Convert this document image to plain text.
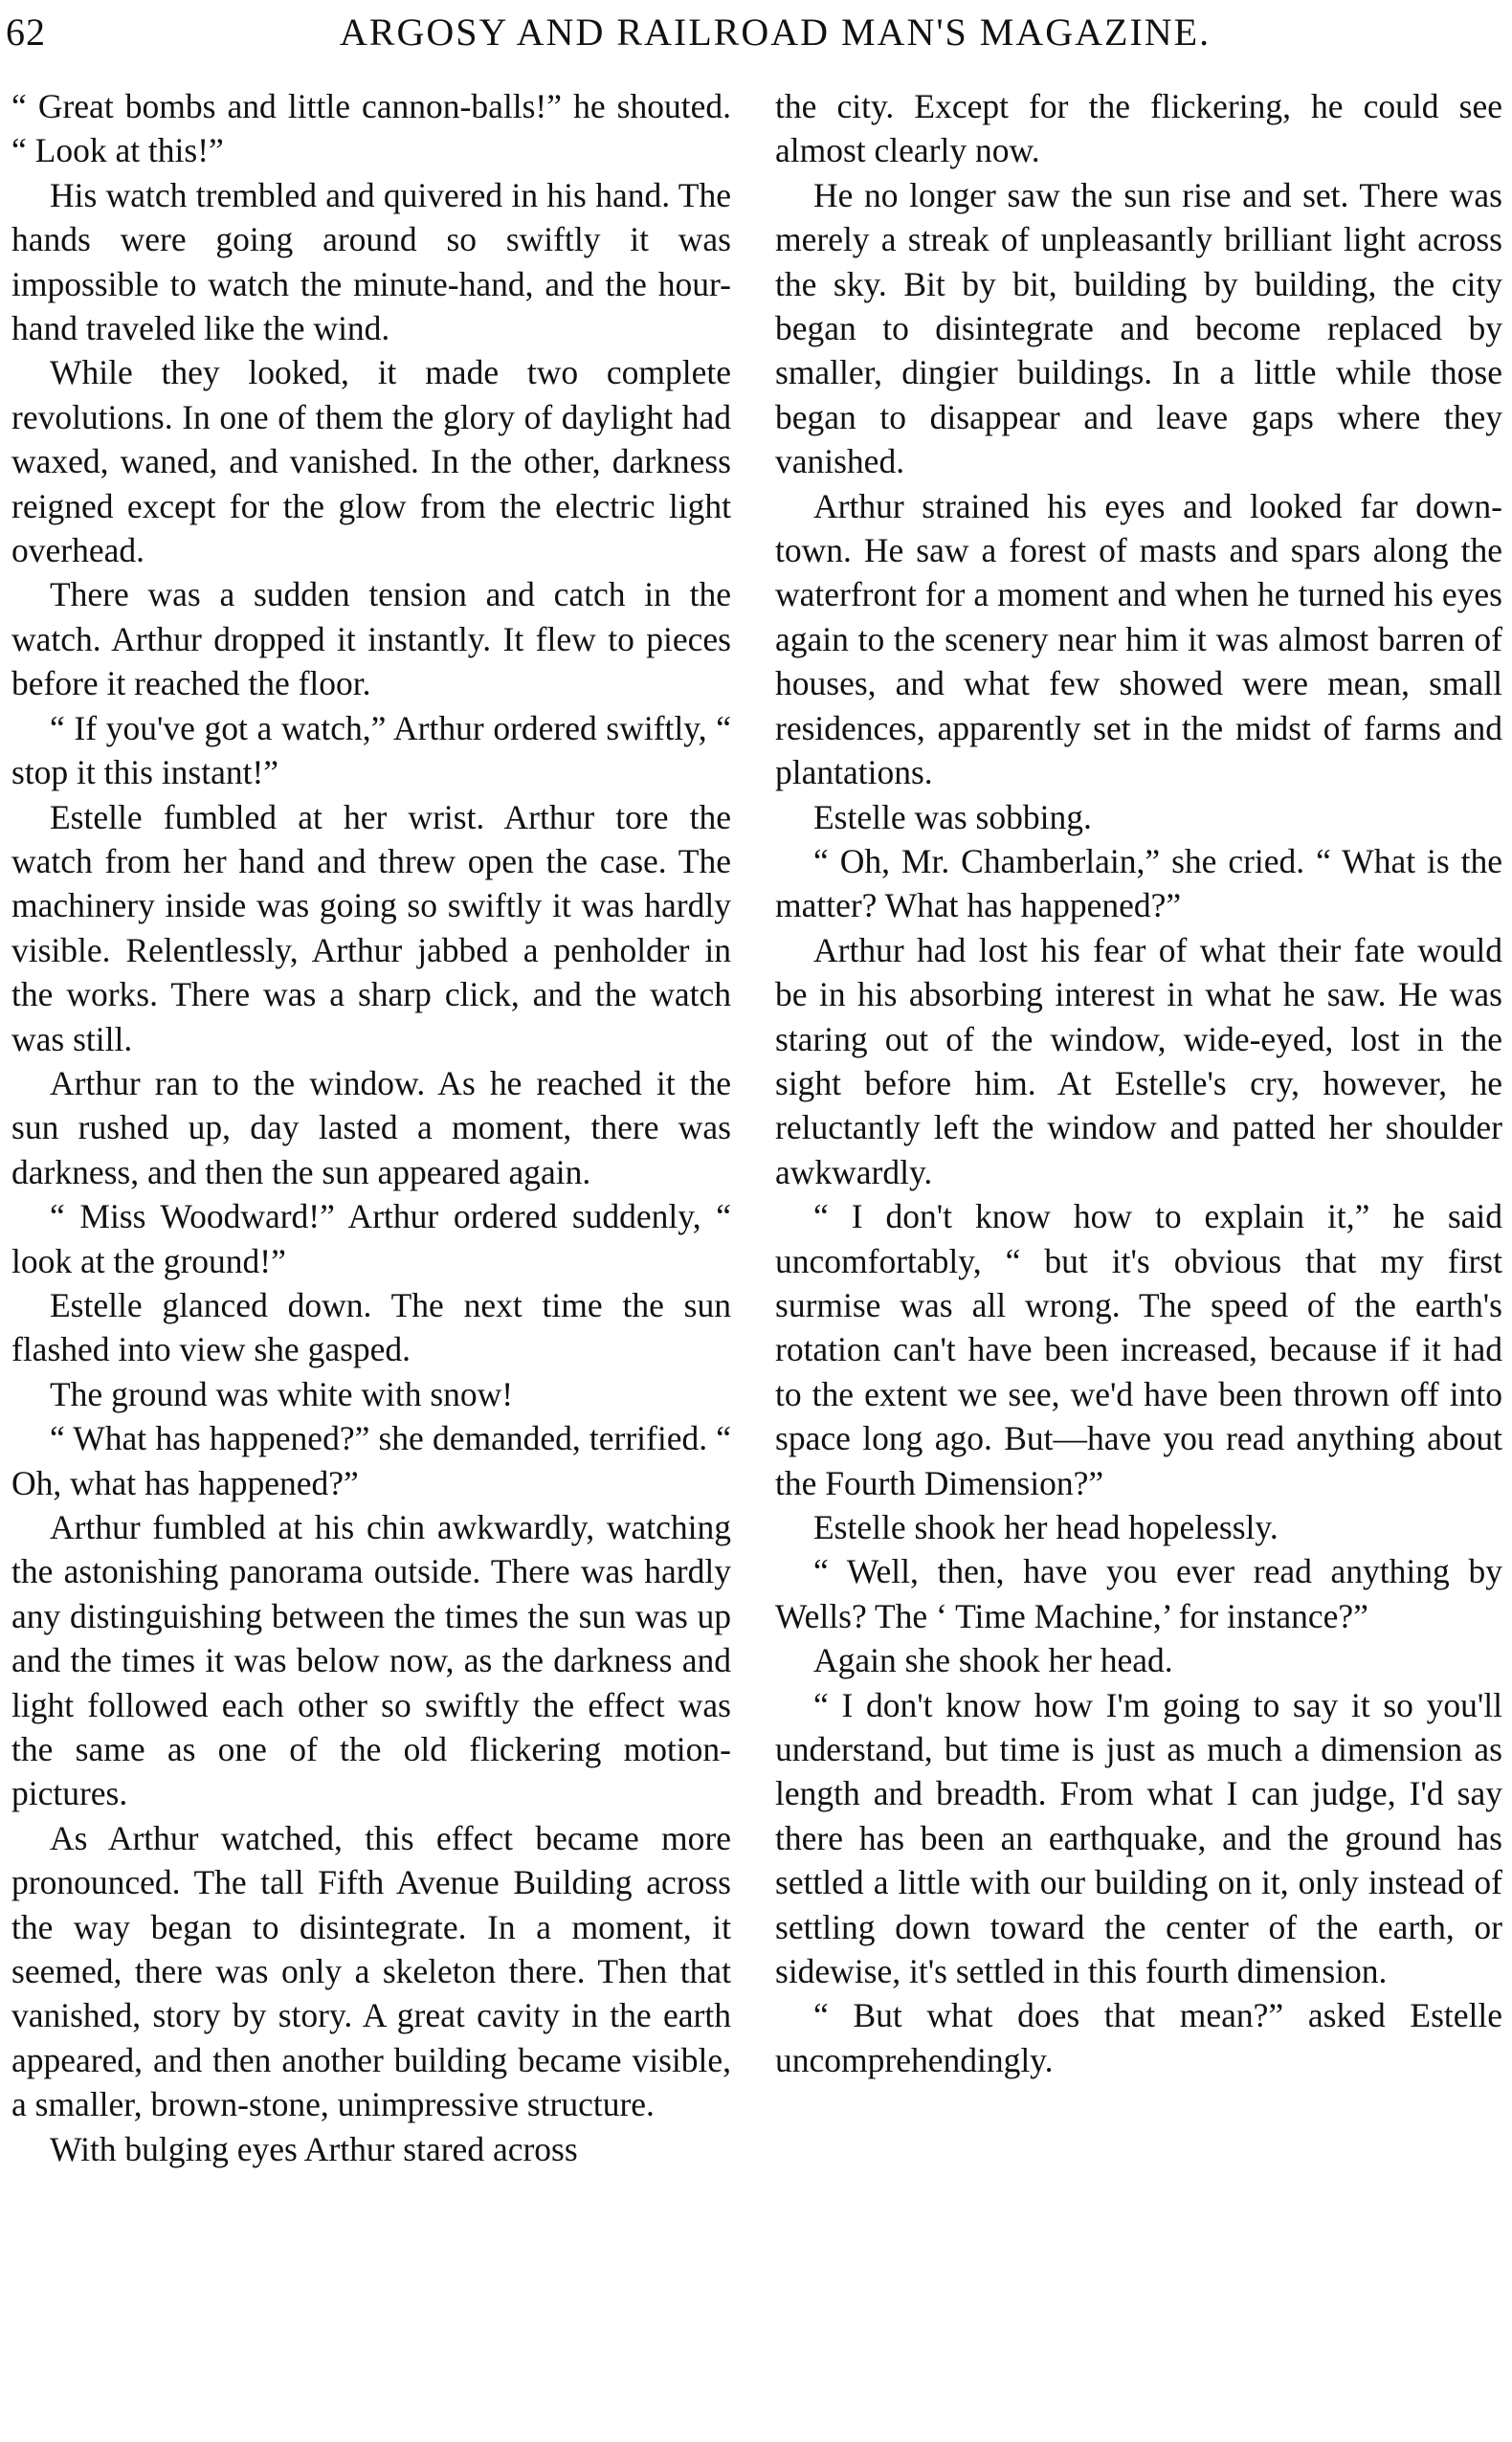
62	ARGOSY AND RAILROAD MAN'S MAGAZINE.

“ Great bombs and little cannon-balls!” he shouted. “ Look at this!”

His watch trembled and quivered in his hand. The hands were going around so swiftly it was impossible to watch the minute-hand, and the hour-hand traveled like the wind.

While they looked, it made two complete revolutions. In one of them the glory of daylight had waxed, waned, and vanished. In the other, darkness reigned except for the glow from the electric light overhead.

There was a sudden tension and catch in the watch. Arthur dropped it instantly. It flew to pieces before it reached the floor.

“ If you've got a watch,” Arthur ordered swiftly, “ stop it this instant!”

Estelle fumbled at her wrist. Arthur tore the watch from her hand and threw open the case. The machinery inside was going so swiftly it was hardly visible. Relentlessly, Arthur jabbed a penholder in the works. There was a sharp click, and the watch was still.

Arthur ran to the window. As he reached it the sun rushed up, day lasted a moment, there was darkness, and then the sun appeared again.

“ Miss Woodward!” Arthur ordered suddenly, “ look at the ground!”

Estelle glanced down. The next time the sun flashed into view she gasped.

The ground was white with snow!

“ What has happened?” she demanded, terrified. “ Oh, what has happened?”

Arthur fumbled at his chin awkwardly, watching the astonishing panorama outside. There was hardly any distinguishing between the times the sun was up and the times it was below now, as the darkness and light followed each other so swiftly the effect was the same as one of the old flickering motion-pictures.

As Arthur watched, this effect became more pronounced. The tall Fifth Avenue Building across the way began to disintegrate. In a moment, it seemed, there was only a skeleton there. Then that vanished, story by story. A great cavity in the earth appeared, and then another building became visible, a smaller, brown-stone, unimpressive structure.

With bulging eyes Arthur stared across

the city. Except for the flickering, he could see almost clearly now.

He no longer saw the sun rise and set. There was merely a streak of unpleasantly brilliant light across the sky. Bit by bit, building by building, the city began to disintegrate and become replaced by smaller, dingier buildings. In a little while those began to disappear and leave gaps where they vanished.

Arthur strained his eyes and looked far down-town. He saw a forest of masts and spars along the waterfront for a moment and when he turned his eyes again to the scenery near him it was almost barren of houses, and what few showed were mean, small residences, apparently set in the midst of farms and plantations.

Estelle was sobbing.

“ Oh, Mr. Chamberlain,” she cried. “ What is the matter? What has happened?”

Arthur had lost his fear of what their fate would be in his absorbing interest in what he saw. He was staring out of the window, wide-eyed, lost in the sight before him. At Estelle's cry, however, he reluctantly left the window and patted her shoulder awkwardly.

“ I don't know how to explain it,” he said uncomfortably, “ but it's obvious that my first surmise was all wrong. The speed of the earth's rotation can't have been increased, because if it had to the extent we see, we'd have been thrown off into space long ago. But—have you read anything about the Fourth Dimension?”

Estelle shook her head hopelessly.

“ Well, then, have you ever read anything by Wells? The ‘ Time Machine,’ for instance?”

Again she shook her head.

“ I don't know how I'm going to say it so you'll understand, but time is just as much a dimension as length and breadth. From what I can judge, I'd say there has been an earthquake, and the ground has settled a little with our building on it, only instead of settling down toward the center of the earth, or sidewise, it's settled in this fourth dimension.

“ But what does that mean?” asked Estelle uncomprehendingly.
